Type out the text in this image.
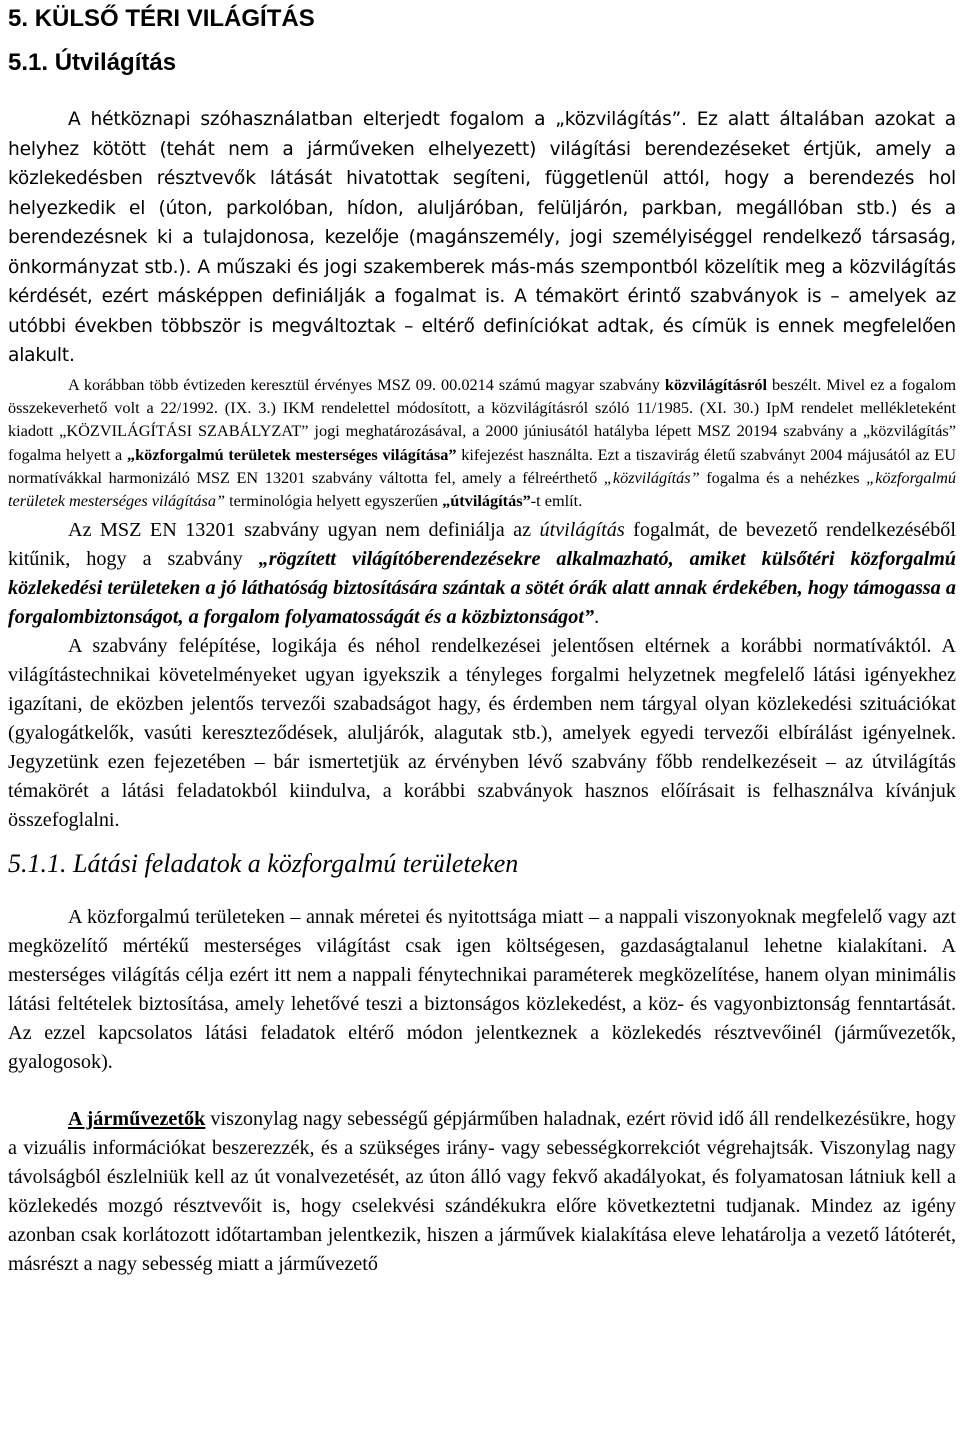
5. KÜLSŐ TÉRI VILÁGÍTÁS
5.1. Útvilágítás

A hétköznapi szóhasználatban elterjedt fogalom a „közvilágítás”. Ez alatt általában azokat a helyhez kötött (tehát nem a járműveken elhelyezett) világítási berendezéseket értjük, amely a közlekedésben résztvevők látását hivatottak segíteni, függetlenül attól, hogy a berendezés hol helyezkedik el (úton, parkolóban, hídon, aluljáróban, felüljárón, parkban, megállóban stb.) és a berendezésnek ki a tulajdonosa, kezelője (magánszemély, jogi személyiséggel rendelkező társaság, önkormányzat stb.). A műszaki és jogi szakemberek más-más szempontból közelítik meg a közvilágítás kérdését, ezért másképpen definiálják a fogalmat is. A témakört érintő szabványok is – amelyek az utóbbi években többször is megváltoztak – eltérő definíciókat adtak, és címük is ennek megfelelően alakult.

A korábban több évtizeden keresztül érvényes MSZ 09. 00.0214 számú magyar szabvány közvilágításról beszélt. Mivel ez a fogalom összekeverhető volt a 22/1992. (IX. 3.) IKM rendelettel módosított, a közvilágításról szóló 11/1985. (XI. 30.) IpM rendelet mellékleteként kiadott „KÖZVILÁGÍTÁSI SZABÁLYZAT” jogi meghatározásával, a 2000 júniusától hatályba lépett MSZ 20194 szabvány a „közvilágítás” fogalma helyett a „közforgalmú területek mesterséges világítása” kifejezést használta. Ezt a tiszavirág életű szabványt 2004 májusától az EU normatívákkal harmonizáló MSZ EN 13201 szabvány váltotta fel, amely a félreérthető „közvilágítás” fogalma és a nehézkes „közforgalmú területek mesterséges világítása” terminológia helyett egyszerűen „útvilágítás”-t említ.

Az MSZ EN 13201 szabvány ugyan nem definiálja az útvilágítás fogalmát, de bevezető rendelkezéséből kitűnik, hogy a szabvány „rögzített világítóberendezésekre alkalmazható, amiket külsőtéri közforgalmú közlekedési területeken a jó láthatóság biztosítására szántak a sötét órák alatt annak érdekében, hogy támogassa a forgalombiztonságot, a forgalom folyamatosságát és a közbiztonságot”.

A szabvány felépítése, logikája és néhol rendelkezései jelentősen eltérnek a korábbi normatíváktól. A világítástechnikai követelményeket ugyan igyekszik a tényleges forgalmi helyzetnek megfelelő látási igényekhez igazítani, de eközben jelentős tervezői szabadságot hagy, és érdemben nem tárgyal olyan közlekedési szituációkat (gyalogátkelők, vasúti kereszteződések, aluljárók, alagutak stb.), amelyek egyedi tervezői elbírálást igényelnek. Jegyzetünk ezen fejezetében – bár ismertetjük az érvényben lévő szabvány főbb rendelkezéseit – az útvilágítás témakörét a látási feladatokból kiindulva, a korábbi szabványok hasznos előírásait is felhasználva kívánjuk összefoglalni.

5.1.1. Látási feladatok a közforgalmú területeken

A közforgalmú területeken – annak méretei és nyitottsága miatt – a nappali viszonyoknak megfelelő vagy azt megközelítő mértékű mesterséges világítást csak igen költségesen, gazdaságtalanul lehetne kialakítani. A mesterséges világítás célja ezért itt nem a nappali fénytechnikai paraméterek megközelítése, hanem olyan minimális látási feltételek biztosítása, amely lehetővé teszi a biztonságos közlekedést, a köz- és vagyonbiztonság fenntartását. Az ezzel kapcsolatos látási feladatok eltérő módon jelentkeznek a közlekedés résztvevőinél (járművezetők, gyalogosok).

A járművezetők viszonylag nagy sebességű gépjárműben haladnak, ezért rövid idő áll rendelkezésükre, hogy a vizuális információkat beszerezzék, és a szükséges irány- vagy sebességkorrekciót végrehajtsák. Viszonylag nagy távolságból észlelniük kell az út vonalvezetését, az úton álló vagy fekvő akadályokat, és folyamatosan látniuk kell a közlekedés mozgó résztvevőit is, hogy cselekvési szándékukra előre következtetni tudjanak. Mindez az igény azonban csak korlátozott időtartamban jelentkezik, hiszen a járművek kialakítása eleve lehatárolja a vezető látóterét, másrészt a nagy sebesség miatt a járművezető
